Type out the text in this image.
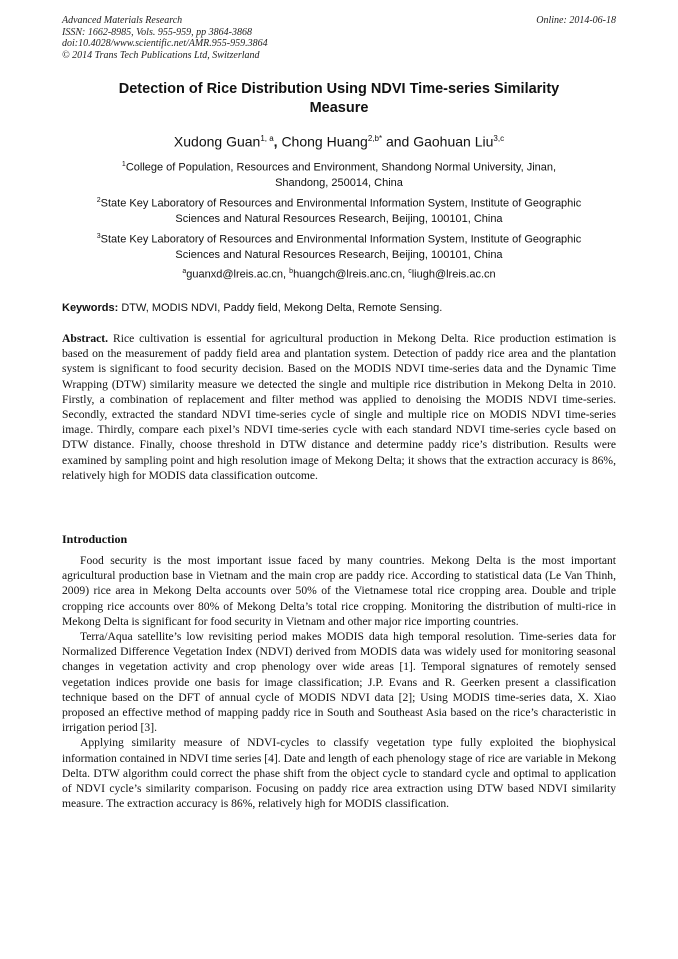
Advanced Materials Research
ISSN: 1662-8985, Vols. 955-959, pp 3864-3868
doi:10.4028/www.scientific.net/AMR.955-959.3864
© 2014 Trans Tech Publications Ltd, Switzerland
Online: 2014-06-18
Detection of Rice Distribution Using NDVI Time-series Similarity
Measure
Xudong Guan$^{1, a}$, Chong Huang$^{2,b*}$ and Gaohuan Liu$^{3,c}$
$^1$College of Population, Resources and Environment, Shandong Normal University, Jinan,
Shandong, 250014, China
$^2$State Key Laboratory of Resources and Environmental Information System, Institute of Geographic
Sciences and Natural Resources Research, Beijing, 100101, China
$^3$State Key Laboratory of Resources and Environmental Information System, Institute of Geographic
Sciences and Natural Resources Research, Beijing, 100101, China
$^a$guanxd@lreis.ac.cn, $^b$huangch@lreis.anc.cn, $^c$liugh@lreis.ac.cn
Keywords: DTW, MODIS NDVI, Paddy field, Mekong Delta, Remote Sensing.

Abstract. Rice cultivation is essential for agricultural production in Mekong Delta. Rice production estimation is based on the measurement of paddy field area and plantation system. Detection of paddy rice area and the plantation system is significant to food security decision. Based on the MODIS NDVI time-series data and the Dynamic Time Wrapping (DTW) similarity measure we detected the single and multiple rice distribution in Mekong Delta in 2010. Firstly, a combination of replacement and filter method was applied to denoising the MODIS NDVI time-series. Secondly, extracted the standard NDVI time-series cycle of single and multiple rice on MODIS NDVI time-series image. Thirdly, compare each pixel’s NDVI time-series cycle with each standard NDVI time-series cycle based on DTW distance. Finally, choose threshold in DTW distance and determine paddy rice’s distribution. Results were examined by sampling point and high resolution image of Mekong Delta; it shows that the extraction accuracy is 86%, relatively high for MODIS data classification outcome.

Introduction

Food security is the most important issue faced by many countries. Mekong Delta is the most important agricultural production base in Vietnam and the main crop are paddy rice. According to statistical data (Le Van Thinh, 2009) rice area in Mekong Delta accounts over 50% of the Vietnamese total rice cropping area. Double and triple cropping rice accounts over 80% of Mekong Delta’s total rice cropping. Monitoring the distribution of multi-rice in Mekong Delta is significant for food security in Vietnam and other major rice importing countries.

Terra/Aqua satellite’s low revisiting period makes MODIS data high temporal resolution. Time-series data for Normalized Difference Vegetation Index (NDVI) derived from MODIS data was widely used for monitoring seasonal changes in vegetation activity and crop phenology over wide areas [1]. Temporal signatures of remotely sensed vegetation indices provide one basis for image classification; J.P. Evans and R. Geerken present a classification technique based on the DFT of annual cycle of MODIS NDVI data [2]; Using MODIS time-series data, X. Xiao proposed an effective method of mapping paddy rice in South and Southeast Asia based on the rice’s characteristic in irrigation period [3].

Applying similarity measure of NDVI-cycles to classify vegetation type fully exploited the biophysical information contained in NDVI time series [4]. Date and length of each phenology stage of rice are variable in Mekong Delta. DTW algorithm could correct the phase shift from the object cycle to standard cycle and optimal to application of NDVI cycle’s similarity comparison. Focusing on paddy rice area extraction using DTW based NDVI similarity measure. The extraction accuracy is 86%, relatively high for MODIS classification.
